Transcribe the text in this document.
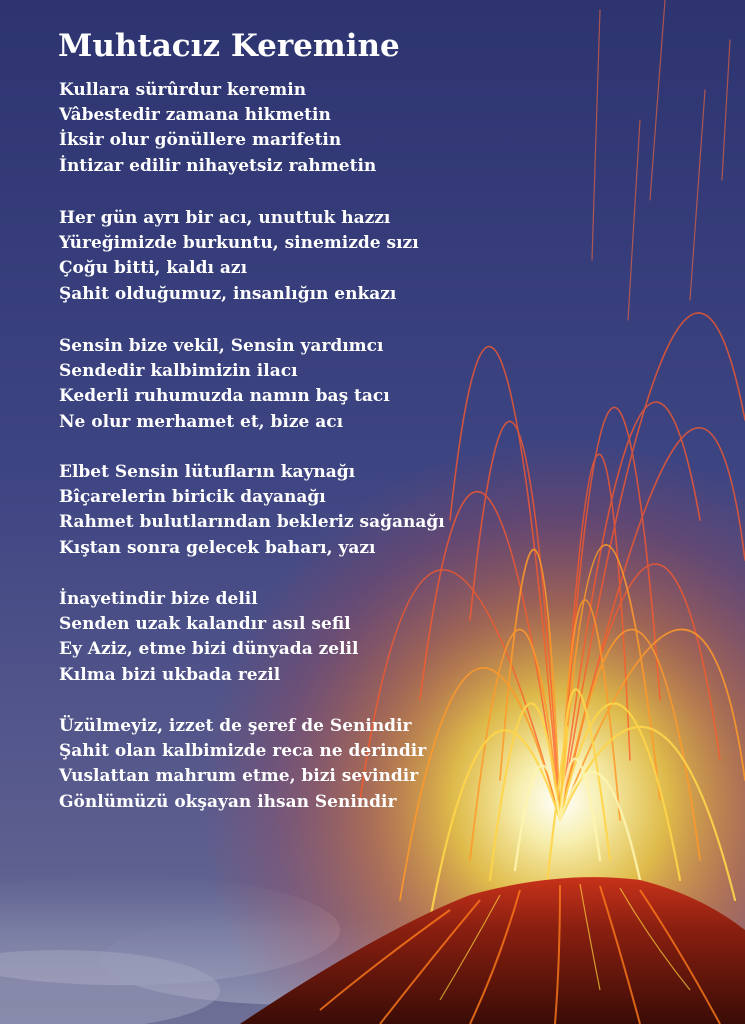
Muhtacız Keremine

Kullara sürûrdur keremin
Vâbestedir zamana hikmetin
İksir olur gönüllere marifetin
İntizar edilir nihayetsiz rahmetin

Her gün ayrı bir acı, unuttuk hazzı
Yüreğimizde burkuntu, sinemizde sızı
Çoğu bitti, kaldı azı
Şahit olduğumuz, insanlığın enkazı

Sensin bize vekil, Sensin yardımcı
Sendedir kalbimizin ilacı
Kederli ruhumuzda namın baş tacı
Ne olur merhamet et, bize acı

Elbet Sensin lütufların kaynağı
Bîçarelerin biricik dayanağı
Rahmet bulutlarından bekleriz sağanağı
Kıştan sonra gelecek baharı, yazı

İnayetindir bize delil
Senden uzak kalandır asıl sefil
Ey Aziz, etme bizi dünyada zelil
Kılma bizi ukbada rezil

Üzülmeyiz, izzet de şeref de Senindir
Şahit olan kalbimizde reca ne derindir
Vuslattan mahrum etme, bizi sevindir
Gönlümüzü okşayan ihsan Senindir
